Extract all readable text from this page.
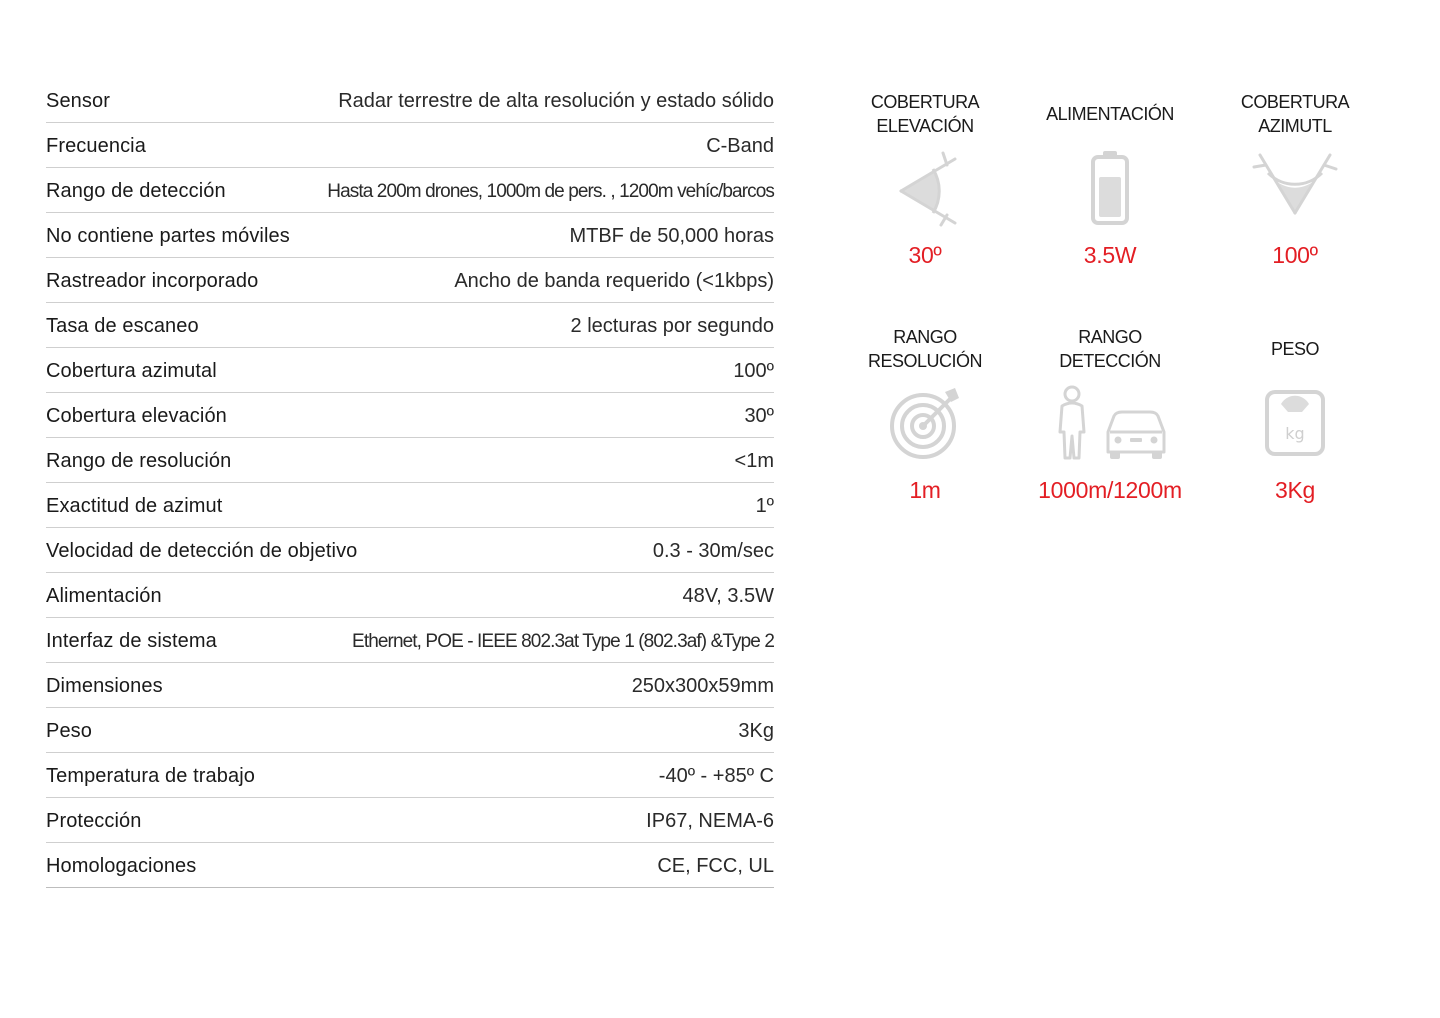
Sensor	Radar terrestre de alta resolución y estado sólido
Frecuencia	C-Band
Rango de detección	Hasta 200m drones, 1000m de pers. , 1200m vehíc/barcos
No contiene partes móviles	MTBF de 50,000 horas
Rastreador incorporado	Ancho de banda requerido (<1kbps)
Tasa de escaneo	2 lecturas por segundo
Cobertura azimutal	100º
Cobertura elevación	30º
Rango de resolución	<1m
Exactitud de azimut	1º
Velocidad de detección de objetivo	0.3 - 30m/sec
Alimentación	48V, 3.5W
Interfaz de sistema	Ethernet, POE - IEEE 802.3at Type 1 (802.3af) &Type 2
Dimensiones	250x300x59mm
Peso	3Kg
Temperatura de trabajo	-40º - +85º C
Protección	IP67, NEMA-6
Homologaciones	CE, FCC, UL
COBERTURA
ELEVACIÓN
30º
ALIMENTACIÓN
3.5W
COBERTURA
AZIMUTL
100º
RANGO
RESOLUCIÓN
1m
RANGO
DETECCIÓN
1000m/1200m
PESO
kg
3Kg
